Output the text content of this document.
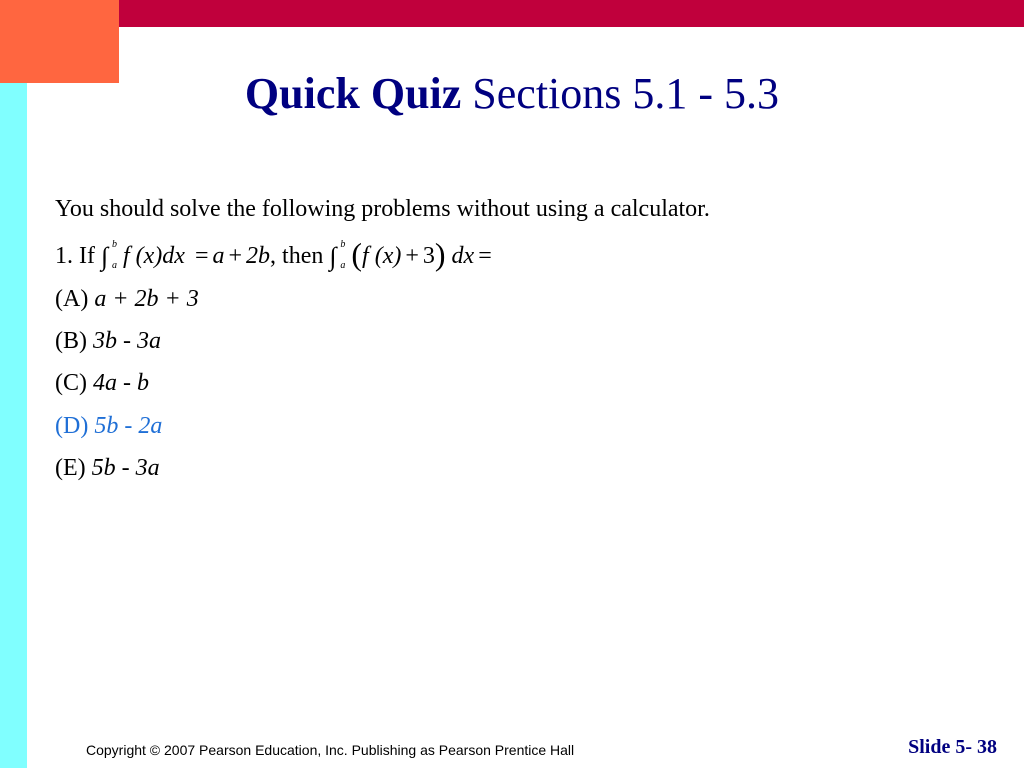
Quick Quiz Sections 5.1 - 5.3
You should solve the following problems without using a calculator.
1. If ∫ b
a f (x)dx = a + 2b, then ∫ b
a (f (x) + 3) dx =
(A) a + 2b + 3
(B) 3b - 3a
(C) 4a - b
(D) 5b - 2a
(E) 5b - 3a
Copyright © 2007 Pearson Education, Inc. Publishing as Pearson Prentice Hall	Slide 5- 38
